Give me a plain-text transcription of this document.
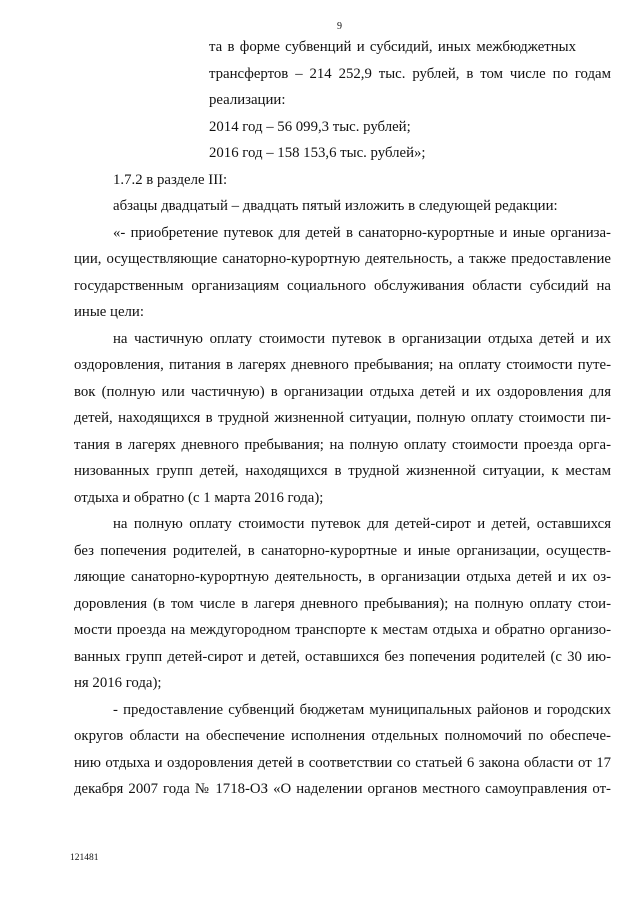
9
та в форме субвенций и субсидий, иных межбюджетных
трансфертов – 214 252,9 тыс. рублей, в том числе по годам
реализации:
2014 год – 56 099,3 тыс. рублей;
2016 год – 158 153,6 тыс. рублей»;
1.7.2 в разделе III:
абзацы двадцатый – двадцать пятый изложить в следующей редакции:
«- приобретение путевок для детей в санаторно-курортные и иные организа-
ции, осуществляющие санаторно-курортную деятельность, а также предоставление
государственным организациям социального обслуживания области субсидий на
иные цели:
на частичную оплату стоимости путевок в организации отдыха детей и их
оздоровления, питания в лагерях дневного пребывания; на оплату стоимости путе-
вок (полную или частичную) в организации отдыха детей и их оздоровления для
детей, находящихся в трудной жизненной ситуации, полную оплату стоимости пи-
тания в лагерях дневного пребывания; на полную оплату стоимости проезда орга-
низованных групп детей, находящихся в трудной жизненной ситуации, к местам
отдыха и обратно (с 1 марта 2016 года);
на полную оплату стоимости путевок для детей-сирот и детей, оставшихся
без попечения родителей, в санаторно-курортные и иные организации, осуществ-
ляющие санаторно-курортную деятельность, в организации отдыха детей и их оз-
доровления (в том числе в лагеря дневного пребывания); на полную оплату стои-
мости проезда на междугородном транспорте к местам отдыха и обратно организо-
ванных групп детей-сирот и детей, оставшихся без попечения родителей (с 30 ию-
ня 2016 года);
- предоставление субвенций бюджетам муниципальных районов и городских
округов области на обеспечение исполнения отдельных полномочий по обеспече-
нию отдыха и оздоровления детей в соответствии со статьей 6 закона области от 17
декабря 2007 года № 1718-ОЗ «О наделении органов местного самоуправления от-
121481
